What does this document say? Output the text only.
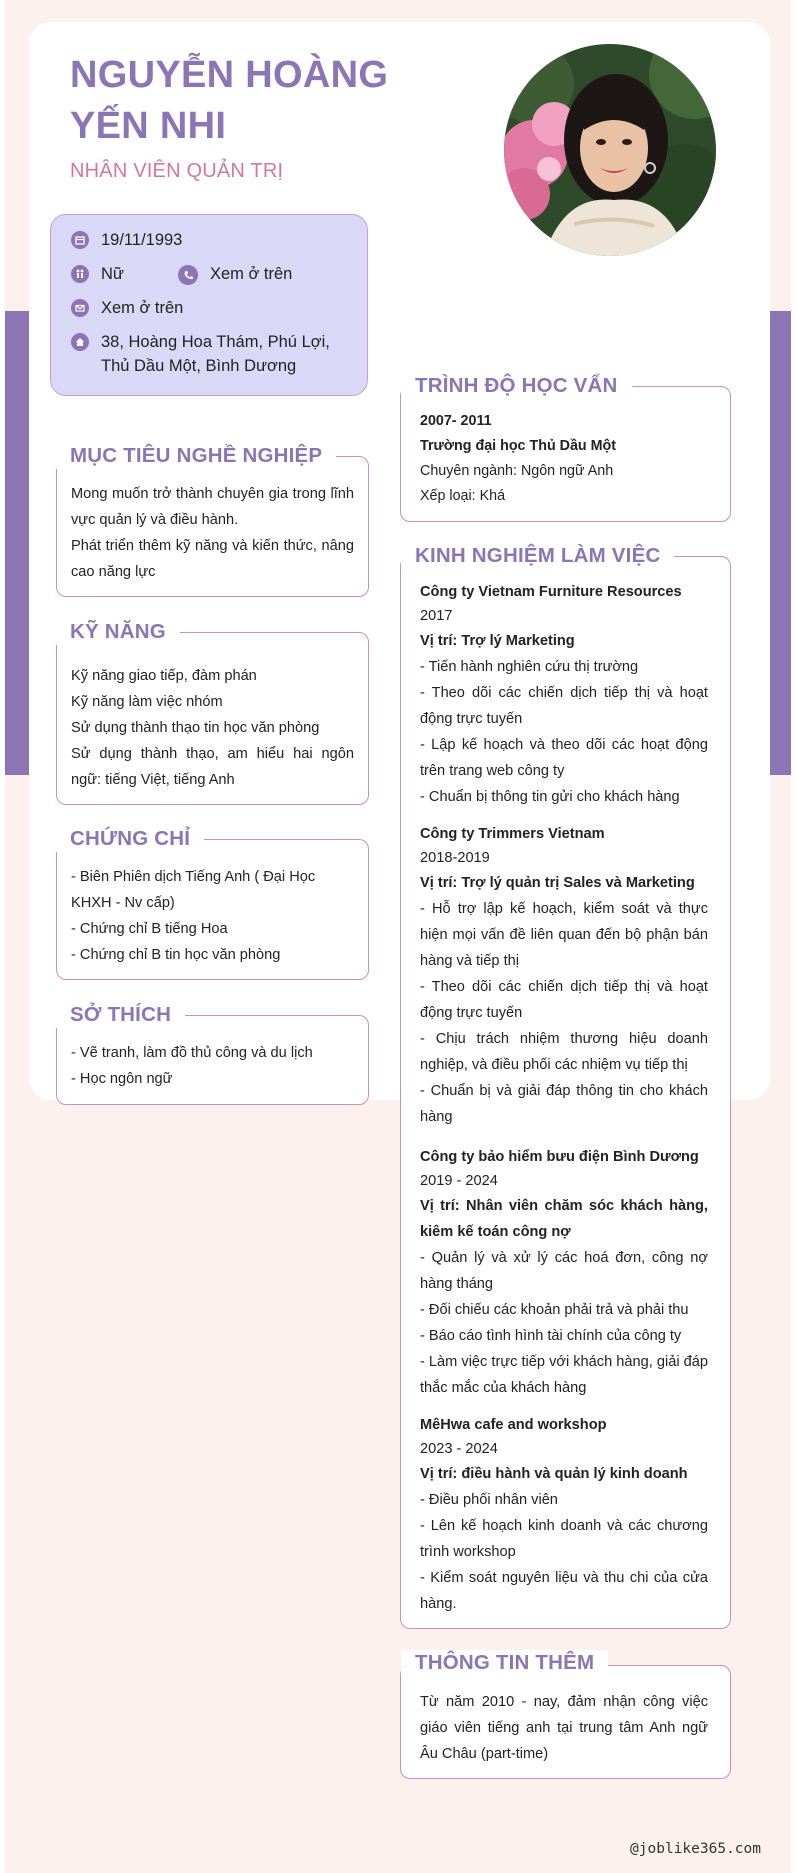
NGUYỄN HOÀNG YẾN NHI
NHÂN VIÊN QUẢN TRỊ
19/11/1993
Nữ	Xem ở trên
Xem ở trên
38, Hoàng Hoa Thám, Phú Lợi, Thủ Dầu Một, Bình Dương
MỤC TIÊU NGHỀ NGHIỆP

Mong muốn trở thành chuyên gia trong lĩnh vực quản lý và điều hành.

Phát triển thêm kỹ năng và kiến thức, nâng cao năng lực

KỸ NĂNG

Kỹ năng giao tiếp, đàm phán

Kỹ năng làm việc nhóm

Sử dụng thành thạo tin học văn phòng

Sử dụng thành thạo, am hiểu hai ngôn ngữ: tiếng Việt, tiếng Anh

CHỨNG CHỈ

- Biên Phiên dịch Tiếng Anh ( Đại Học KHXH - Nv cấp)

- Chứng chỉ B tiếng Hoa

- Chứng chỉ B tin học văn phòng

SỞ THÍCH

- Vẽ tranh, làm đồ thủ công và du lịch

- Học ngôn ngữ

TRÌNH ĐỘ HỌC VẤN

2007- 2011

Trường đại học Thủ Dầu Một

Chuyên ngành: Ngôn ngữ Anh

Xếp loại: Khá

KINH NGHIỆM LÀM VIỆC

Công ty Vietnam Furniture Resources

2017

Vị trí: Trợ lý Marketing

- Tiến hành nghiên cứu thị trường

- Theo dõi các chiến dịch tiếp thị và hoạt động trực tuyến

- Lập kế hoạch và theo dõi các hoạt động trên trang web công ty

- Chuẩn bị thông tin gửi cho khách hàng

Công ty Trimmers Vietnam

2018-2019

Vị trí: Trợ lý quản trị Sales và Marketing

- Hỗ trợ lập kế hoạch, kiểm soát và thực hiện mọi vấn đề liên quan đến bộ phận bán hàng và tiếp thị

- Theo dõi các chiến dịch tiếp thị và hoạt động trực tuyến

- Chịu trách nhiệm thương hiệu doanh nghiệp, và điều phối các nhiệm vụ tiếp thị

- Chuẩn bị và giải đáp thông tin cho khách hàng

Công ty bảo hiểm bưu điện Bình Dương

2019 - 2024

Vị trí: Nhân viên chăm sóc khách hàng, kiêm kế toán công nợ

- Quản lý và xử lý các hoá đơn, công nợ hàng tháng

- Đối chiếu các khoản phải trả và phải thu

- Báo cáo tình hình tài chính của công ty

- Làm việc trực tiếp với khách hàng, giải đáp thắc mắc của khách hàng

MêHwa cafe and workshop

2023 - 2024

Vị trí: điều hành và quản lý kinh doanh

- Điều phối nhân viên

- Lên kế hoạch kinh doanh và các chương trình workshop

- Kiểm soát nguyên liệu và thu chi của cửa hàng.

THÔNG TIN THÊM

Từ năm 2010 - nay, đảm nhận công việc giáo viên tiếng anh tại trung tâm Anh ngữ Âu Châu (part-time)

@joblike365.com
